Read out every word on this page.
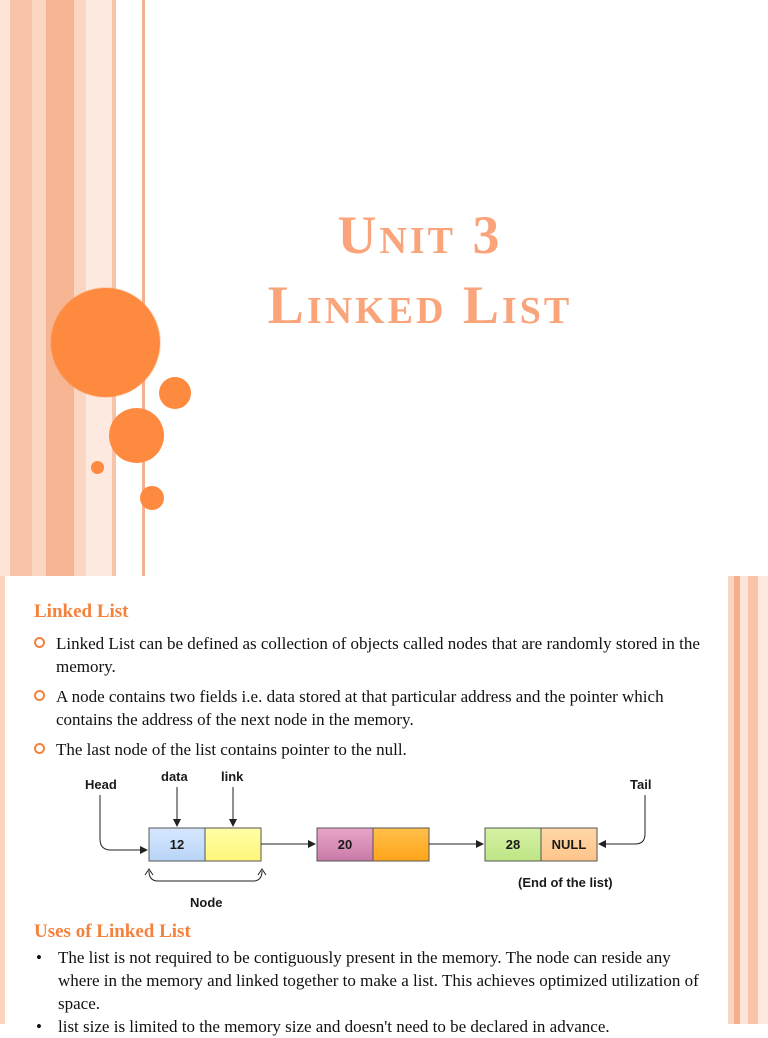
Unit 3
Linked List
Linked List
Linked List can be defined as collection of objects called nodes that are randomly stored in the memory.
A node contains two fields i.e. data stored at that particular address and the pointer which contains the address of the next node in the memory.
The last node of the list contains pointer to the null.
Head
data	link
12	20	28 NULL
Tail
Node
(End of the list)
Uses of Linked List
• The list is not required to be contiguously present in the memory. The node can reside any where in the memory and linked together to make a list. This achieves optimized utilization of space.
• list size is limited to the memory size and doesn't need to be declared in advance.
